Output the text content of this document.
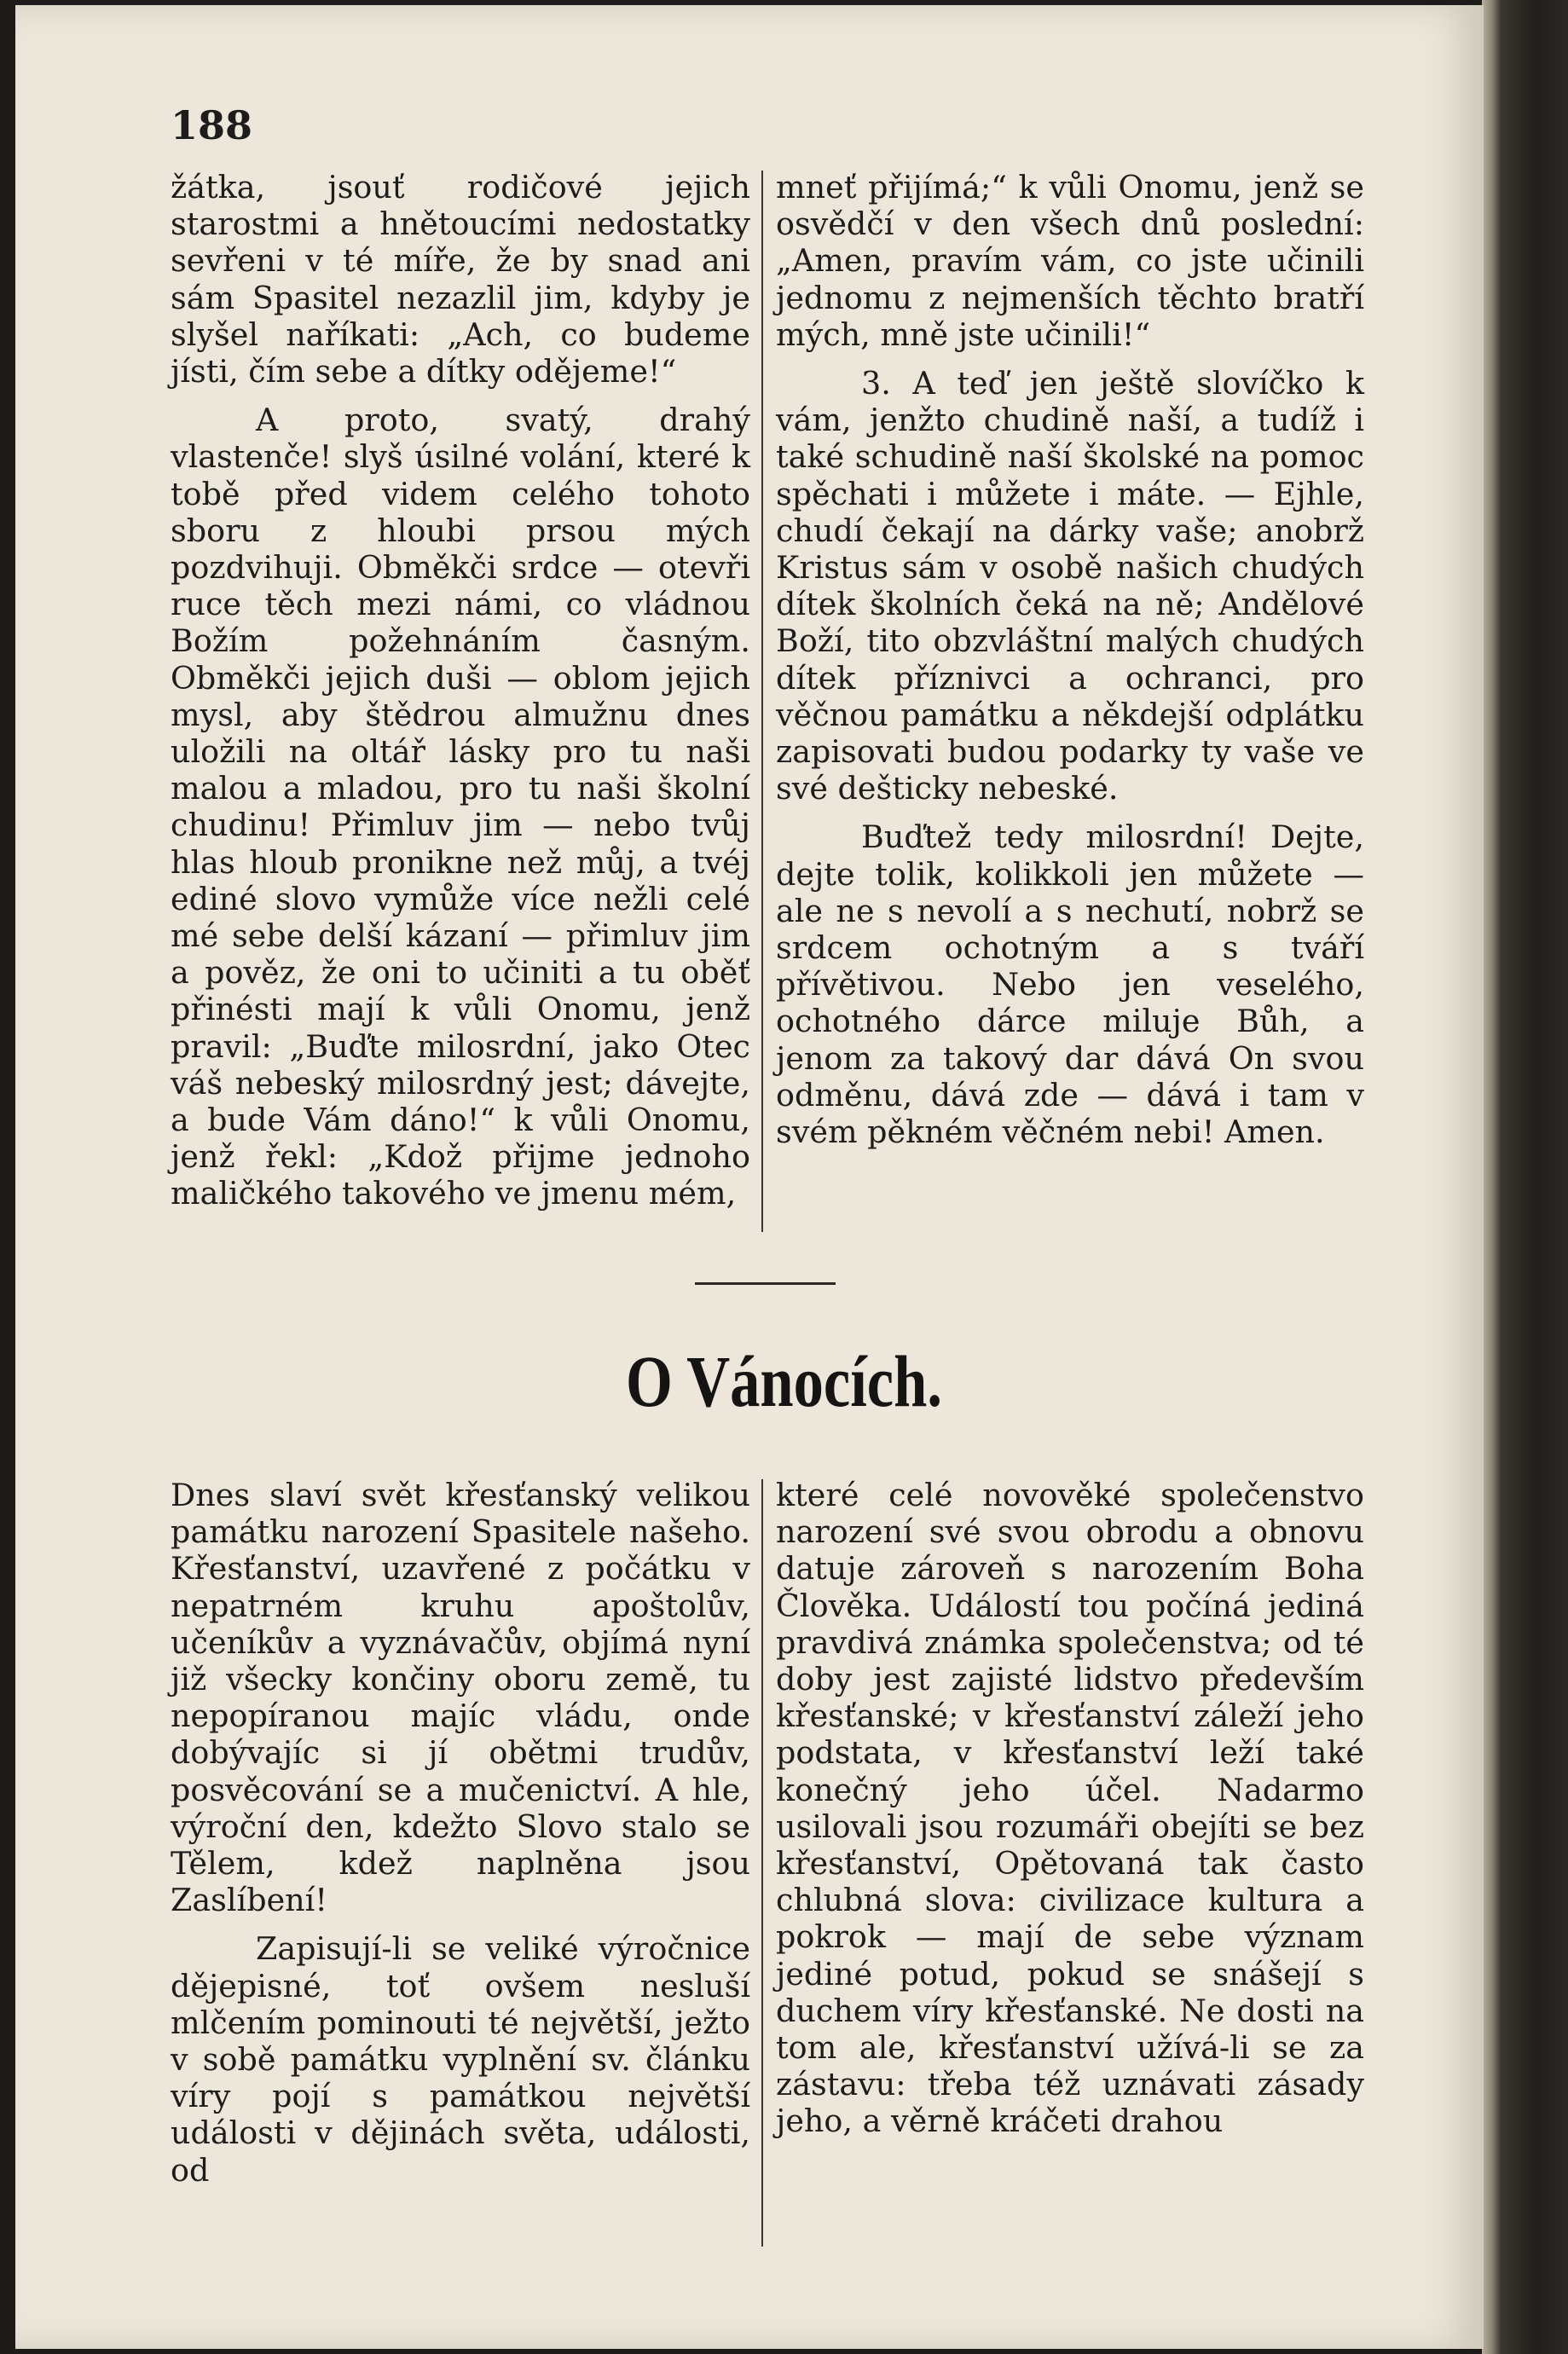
188

žátka, jsouť rodičové jejich starostmi a hnětoucími nedostatky sevřeni v té míře, že by snad ani sám Spasitel nezazlil jim, kdyby je slyšel naříkati: „Ach, co budeme jísti, čím sebe a dítky odějeme!“

A proto, svatý, drahý vlastenče! slyš úsilné volání, které k tobě před videm celého tohoto sboru z hloubi prsou mých pozdvihuji. Obměkči srdce — otevři ruce těch mezi námi, co vládnou Božím požehnáním časným. Obměkči jejich duši — oblom jejich mysl, aby štědrou almužnu dnes uložili na oltář lásky pro tu naši malou a mladou, pro tu naši školní chudinu! Přimluv jim — nebo tvůj hlas hloub pronikne než můj, a tvéj ediné slovo vymůže více nežli celé mé sebe delší kázaní — přimluv jim a pověz, že oni to učiniti a tu oběť přinésti mají k vůli Onomu, jenž pravil: „Buďte milosrdní, jako Otec váš nebeský milosrdný jest; dávejte, a bude Vám dáno!“ k vůli Onomu, jenž řekl: „Kdož přijme jednoho maličkého takového ve jmenu mém,

mneť přijímá;“ k vůli Onomu, jenž se osvědčí v den všech dnů poslední: „Amen, pravím vám, co jste učinili jednomu z nejmenších těchto bratří mých, mně jste učinili!“

3. A teď jen ještě slovíčko k vám, jenžto chudině naší, a tudíž i také schudině naší školské na pomoc spěchati i můžete i máte. — Ejhle, chudí čekají na dárky vaše; anobrž Kristus sám v osobě našich chudých dítek školních čeká na ně; Andělové Boží, tito obzvláštní malých chudých dítek příznivci a ochranci, pro věčnou památku a někdejší odplátku zapisovati budou podarky ty vaše ve své dešticky nebeské.

Buďtež tedy milosrdní! Dejte, dejte tolik, kolikkoli jen můžete — ale ne s nevolí a s nechutí, nobrž se srdcem ochotným a s tváří přívětivou. Nebo jen veselého, ochotného dárce miluje Bůh, a jenom za takový dar dává On svou odměnu, dává zde — dává i tam v svém pěkném věčném nebi! Amen.

O Vánocích.

Dnes slaví svět křesťanský velikou památku narození Spasitele našeho. Křesťanství, uzavřené z počátku v nepatrném kruhu apoštolův, učeníkův a vyznávačův, objímá nyní již všecky končiny oboru země, tu nepopíranou majíc vládu, onde dobývajíc si jí obětmi trudův, posvěcování se a mučenictví. A hle, výroční den, kdežto Slovo stalo se Tělem, kdež naplněna jsou Zaslíbení!

Zapisují-li se veliké výročnice dějepisné, toť ovšem nesluší mlčením pominouti té největší, ježto v sobě památku vyplnění sv. článku víry pojí s památkou největší události v dějinách světa, události, od

které celé novověké společenstvo narození své svou obrodu a obnovu datuje zároveň s narozením Boha Člověka. Událostí tou počíná jediná pravdivá známka společenstva; od té doby jest zajisté lidstvo především křesťanské; v křesťanství záleží jeho podstata, v křesťanství leží také konečný jeho účel. Nadarmo usilovali jsou rozumáři obejíti se bez křesťanství, Opětovaná tak často chlubná slova: civilizace kultura a pokrok — mají de sebe význam jediné potud, pokud se snášejí s duchem víry křesťanské. Ne dosti na tom ale, křesťanství užívá-li se za zástavu: třeba též uznávati zásady jeho, a věrně kráčeti drahou
